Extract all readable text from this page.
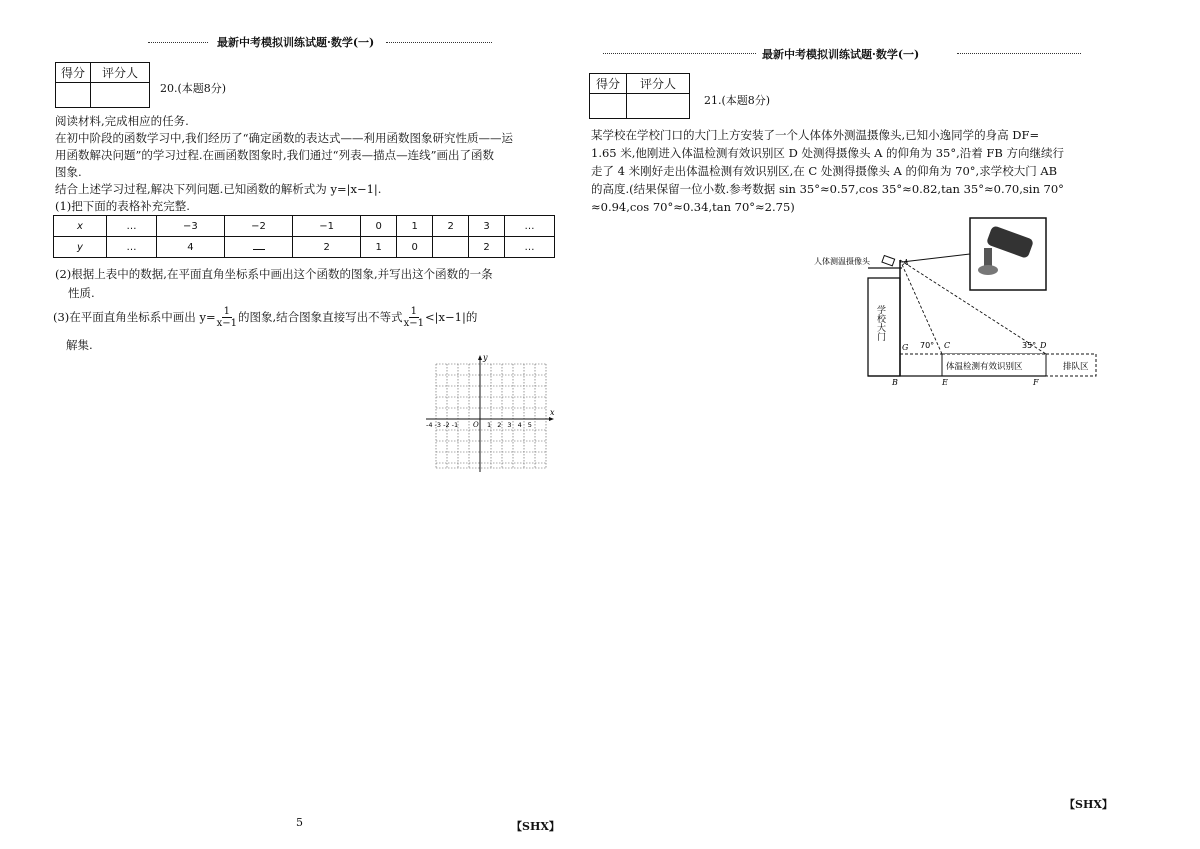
最新中考模拟训练试题·数学(一)
得分	评分人

20.(本题8分)
阅读材料,完成相应的任务.
在初中阶段的函数学习中,我们经历了“确定函数的表达式——利用函数图象研究性质——运
用函数解决问题”的学习过程.在画函数图象时,我们通过“列表—描点—连线”画出了函数
图象.
结合上述学习过程,解决下列问题.已知函数的解析式为 y=|x−1|.
(1)把下面的表格补充完整.
x	…	−3	−2	−1	0	1	2	3	…
y	…	4		2	1	0		2	…
(2)根据上表中的数据,在平面直角坐标系中画出这个函数的图象,并写出这个函数的一条
性质.
(3)在平面直角坐标系中画出 $y= \frac{1}{x-1}$ 的图象,结合图象直接写出不等式 $\frac{1}{x-1} <|x-1|$的
解集.
x
y
O
-4 -3 -2 -1	1 2 3 4 5
5	【SHX】
最新中考模拟训练试题·数学(一)
得分	评分人

21.(本题8分)
某学校在学校门口的大门上方安装了一个人体体外测温摄像头,已知小逸同学的身高 DF=
1.65 米,他刚进入体温检测有效识别区 D 处测得摄像头 A 的仰角为 35°,沿着 FB 方向继续行
走了 4 米刚好走出体温检测有效识别区,在 C 处测得摄像头 A 的仰角为 70°,求学校大门 AB
的高度.(结果保留一位小数.参考数据 sin 35°≈0.57,cos 35°≈0.82,tan 35°≈0.70,sin 70°
≈0.94,cos 70°≈0.34,tan 70°≈2.75)
学校大门
人体测温摄像头
体温检测有效识别区	排队区
70°	35°
A
G	C	D
B	E	F
【SHX】
